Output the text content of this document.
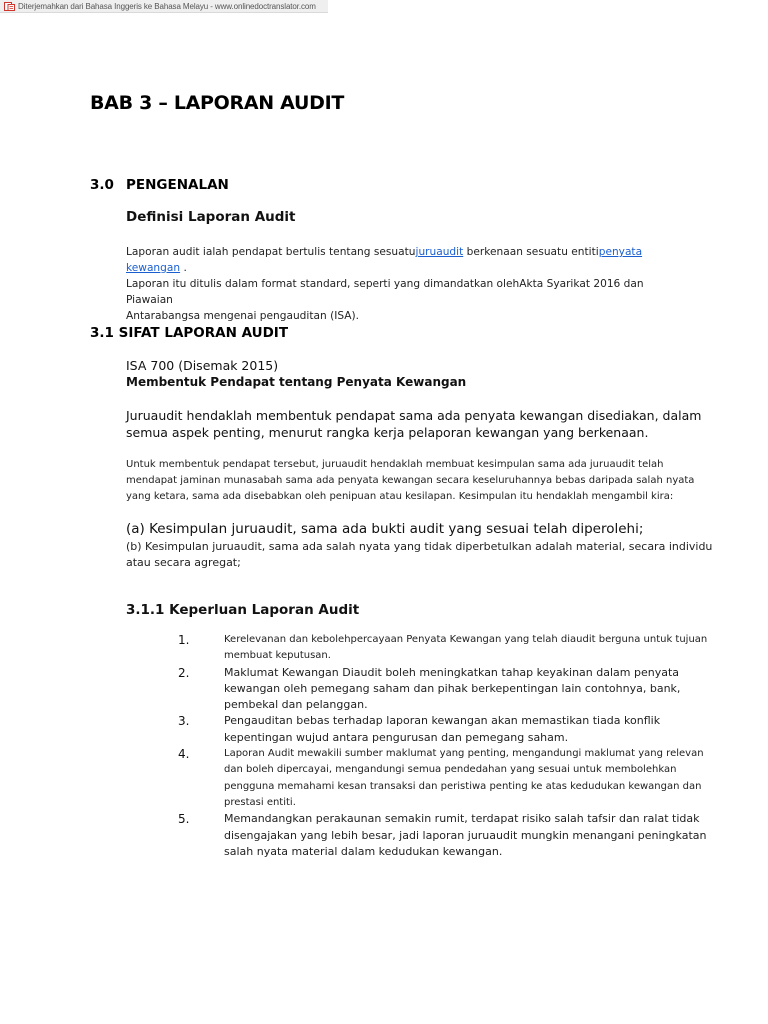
Diterjemahkan dari Bahasa Inggeris ke Bahasa Melayu - www.onlinedoctranslator.com
BAB 3 – LAPORAN AUDIT
3.0 PENGENALAN
Definisi Laporan Audit
Laporan audit ialah pendapat bertulis tentang sesuatujuruaudit berkenaan sesuatu entitipenyata kewangan .
Laporan itu ditulis dalam format standard, seperti yang dimandatkan olehAkta Syarikat 2016 dan Piawaian
Antarabangsa mengenai pengauditan (ISA).
3.1 SIFAT LAPORAN AUDIT
ISA 700 (Disemak 2015)
Membentuk Pendapat tentang Penyata Kewangan
Juruaudit hendaklah membentuk pendapat sama ada penyata kewangan disediakan, dalam semua aspek penting, menurut rangka kerja pelaporan kewangan yang berkenaan.
Untuk membentuk pendapat tersebut, juruaudit hendaklah membuat kesimpulan sama ada juruaudit telah mendapat jaminan munasabah sama ada penyata kewangan secara keseluruhannya bebas daripada salah nyata yang ketara, sama ada disebabkan oleh penipuan atau kesilapan. Kesimpulan itu hendaklah mengambil kira:
(a) Kesimpulan juruaudit, sama ada bukti audit yang sesuai telah diperolehi;
(b) Kesimpulan juruaudit, sama ada salah nyata yang tidak diperbetulkan adalah material, secara individu atau secara agregat;
3.1.1 Keperluan Laporan Audit
1.	Kerelevanan dan kebolehpercayaan Penyata Kewangan yang telah diaudit berguna untuk tujuan membuat keputusan.
2.	Maklumat Kewangan Diaudit boleh meningkatkan tahap keyakinan dalam penyata kewangan oleh pemegang saham dan pihak berkepentingan lain contohnya, bank, pembekal dan pelanggan.
3.	Pengauditan bebas terhadap laporan kewangan akan memastikan tiada konflik kepentingan wujud antara pengurusan dan pemegang saham.
4.	Laporan Audit mewakili sumber maklumat yang penting, mengandungi maklumat yang relevan dan boleh dipercayai, mengandungi semua pendedahan yang sesuai untuk membolehkan pengguna memahami kesan transaksi dan peristiwa penting ke atas kedudukan kewangan dan prestasi entiti.
5.	Memandangkan perakaunan semakin rumit, terdapat risiko salah tafsir dan ralat tidak disengajakan yang lebih besar, jadi laporan juruaudit mungkin menangani peningkatan salah nyata material dalam kedudukan kewangan.
